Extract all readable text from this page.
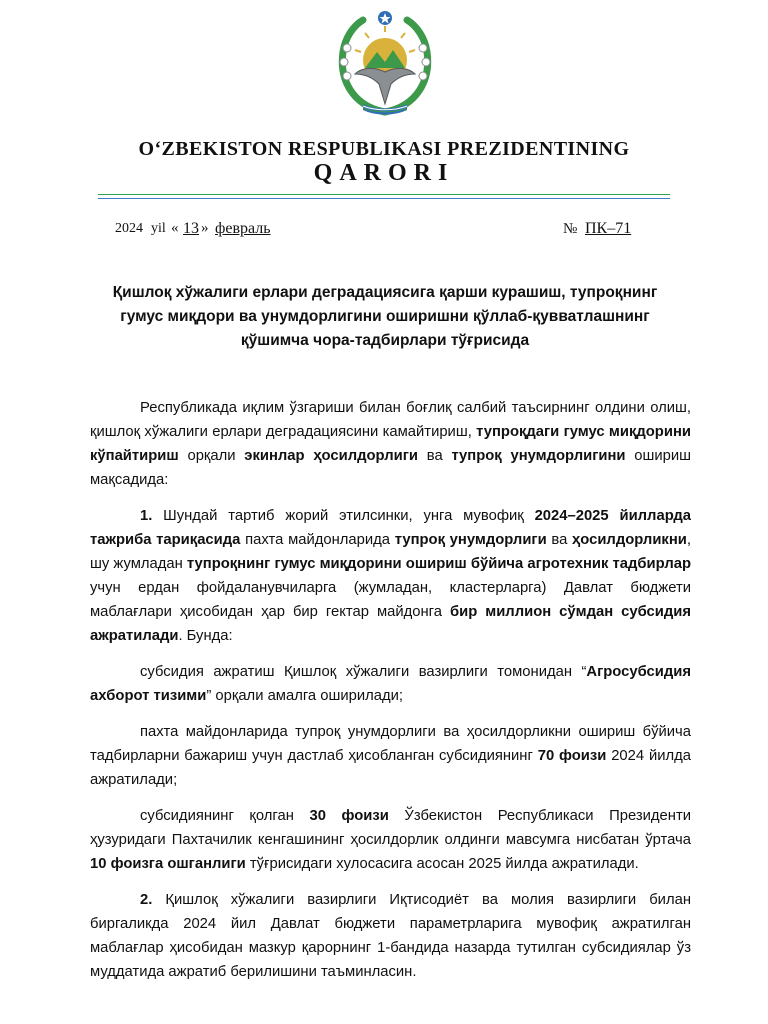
O‘ZBEKISTON RESPUBLIKASI PREZIDENTINING
QARORI
2024 yil « 13 » февраль	№ ПК–71
Қишлоқ хўжалиги ерлари деградациясига қарши курашиш, тупроқнинг
гумус миқдори ва унумдорлигини оширишни қўллаб-қувватлашнинг
қўшимча чора-тадбирлари тўғрисида

Республикада иқлим ўзгариши билан боғлиқ салбий таъсирнинг олдини олиш, қишлоқ хўжалиги ерлари деградациясини камайтириш, тупроқдаги гумус миқдорини кўпайтириш орқали экинлар ҳосилдорлиги ва тупроқ унумдорлигини ошириш мақсадида:

1. Шундай тартиб жорий этилсинки, унга мувофиқ 2024–2025 йилларда тажриба тариқасида пахта майдонларида тупроқ унумдорлиги ва ҳосилдорликни, шу жумладан тупроқнинг гумус миқдорини ошириш бўйича агротехник тадбирлар учун ердан фойдаланувчиларга (жумладан, кластерларга) Давлат бюджети маблағлари ҳисобидан ҳар бир гектар майдонга бир миллион сўмдан субсидия ажратилади. Бунда:

субсидия ажратиш Қишлоқ хўжалиги вазирлиги томонидан “Агросубсидия ахборот тизими” орқали амалга оширилади;

пахта майдонларида тупроқ унумдорлиги ва ҳосилдорликни ошириш бўйича тадбирларни бажариш учун дастлаб ҳисобланган субсидиянинг 70 фоизи 2024 йилда ажратилади;

субсидиянинг қолган 30 фоизи Ўзбекистон Республикаси Президенти ҳузуридаги Пахтачилик кенгашининг ҳосилдорлик олдинги мавсумга нисбатан ўртача 10 фоизга ошганлиги тўғрисидаги хулосасига асосан 2025 йилда ажратилади.

2. Қишлоқ хўжалиги вазирлиги Иқтисодиёт ва молия вазирлиги билан биргаликда 2024 йил Давлат бюджети параметрларига мувофиқ ажратилган маблағлар ҳисобидан мазкур қарорнинг 1-бандида назарда тутилган субсидиялар ўз муддатида ажратиб берилишини таъминласин.
